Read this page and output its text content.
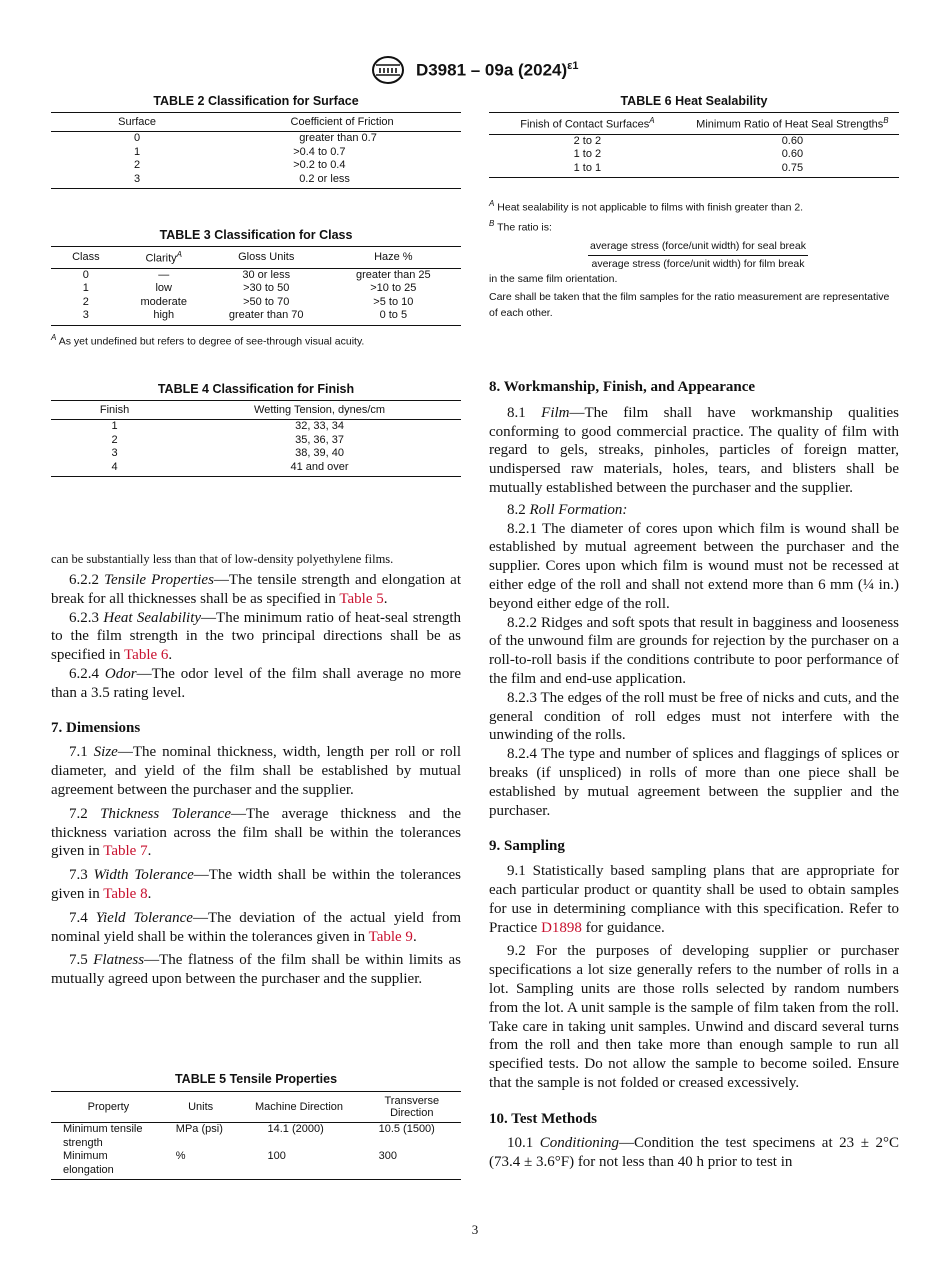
D3981 – 09a $(2024)^{\varepsilon 1}$
TABLE 2 Classification for Surface
Surface	Coefficient of Friction
0	greater than 0.7
1	>0.4 to 0.7
2	>0.2 to 0.4
3	0.2 or less
TABLE 3 Classification for Class
Class	Clarity$^A$	Gloss Units	Haze %
0	—	30 or less	greater than 25
1	low	>30 to 50	>10 to 25
2	moderate	>50 to 70	>5 to 10
3	high	greater than 70	0 to 5
$^A$ As yet undefined but refers to degree of see-through visual acuity.
TABLE 4 Classification for Finish
Finish	Wetting Tension, dynes/cm
1	32, 33, 34
2	35, 36, 37
3	38, 39, 40
4	41 and over
TABLE 6 Heat Sealability
Finish of Contact Surfaces$^A$	Minimum Ratio of Heat Seal Strengths$^B$
2 to 2	0.60
1 to 2	0.60
1 to 1	0.75
$^A$ Heat sealability is not applicable to films with finish greater than 2.
$^B$ The ratio is:
$\frac{\text{average stress (force/unit width) for seal break}}{\text{average stress (force/unit width) for film break}}$
in the same film orientation.
Care shall be taken that the film samples for the ratio measurement are representative of each other.
can be substantially less than that of low-density polyethylene films.

6.2.2 Tensile Properties—The tensile strength and elongation at break for all thicknesses shall be as specified in Table 5.

6.2.3 Heat Sealability—The minimum ratio of heat-seal strength to the film strength in the two principal directions shall be as specified in Table 6.

6.2.4 Odor—The odor level of the film shall average no more than a 3.5 rating level.

7. Dimensions

7.1 Size—The nominal thickness, width, length per roll or roll diameter, and yield of the film shall be established by mutual agreement between the purchaser and the supplier.

7.2 Thickness Tolerance—The average thickness and the thickness variation across the film shall be within the tolerances given in Table 7.

7.3 Width Tolerance—The width shall be within the tolerances given in Table 8.

7.4 Yield Tolerance—The deviation of the actual yield from nominal yield shall be within the tolerances given in Table 9.

7.5 Flatness—The flatness of the film shall be within limits as mutually agreed upon between the purchaser and the supplier.

TABLE 5 Tensile Properties
Property	Units	Machine Direction	Transverse Direction
Minimum tensile strength	MPa (psi)	14.1 (2000)	10.5 (1500)
Minimum elongation	%	100	300
8. Workmanship, Finish, and Appearance

8.1 Film—The film shall have workmanship qualities conforming to good commercial practice. The quality of film with regard to gels, streaks, pinholes, particles of foreign matter, undispersed raw materials, holes, tears, and blisters shall be mutually established between the purchaser and the supplier.

8.2 Roll Formation:

8.2.1 The diameter of cores upon which film is wound shall be established by mutual agreement between the purchaser and the supplier. Cores upon which film is wound must not be recessed at either edge of the roll and shall not extend more than 6 mm (¼ in.) beyond either edge of the roll.

8.2.2 Ridges and soft spots that result in bagginess and looseness of the unwound film are grounds for rejection by the purchaser on a roll-to-roll basis if the conditions contribute to poor performance of the film and end-use application.

8.2.3 The edges of the roll must be free of nicks and cuts, and the general condition of roll edges must not interfere with the unwinding of the rolls.

8.2.4 The type and number of splices and flaggings of splices or breaks (if unspliced) in rolls of more than one piece shall be established by mutual agreement between the supplier and the purchaser.

9. Sampling

9.1 Statistically based sampling plans that are appropriate for each particular product or quantity shall be used to obtain samples for use in determining compliance with this specification. Refer to Practice D1898 for guidance.

9.2 For the purposes of developing supplier or purchaser specifications a lot size generally refers to the number of rolls in a lot. Sampling units are those rolls selected by random numbers from the lot. A unit sample is the sample of film taken from the roll. Take care in taking unit samples. Unwind and discard several turns from the roll and then take more than enough sample to run all specified tests. Do not allow the sample to become soiled. Ensure that the sample is not folded or creased excessively.

10. Test Methods

10.1 Conditioning—Condition the test specimens at 23 ± 2°C (73.4 ± 3.6°F) for not less than 40 h prior to test in

3
